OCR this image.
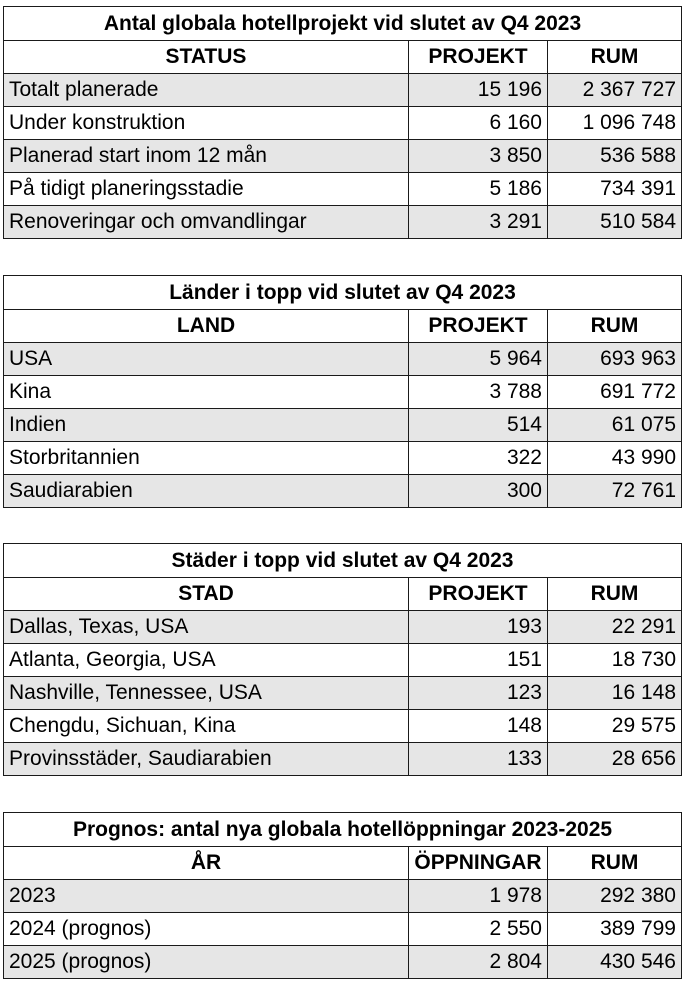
Antal globala hotellprojekt vid slutet av Q4 2023		
STATUS	PROJEKT	RUM
Totalt planerade	15 196	2 367 727
Under konstruktion	6 160	1 096 748
Planerad start inom 12 mån	3 850	536 588
På tidigt planeringsstadie	5 186	734 391
Renoveringar och omvandlingar	3 291	510 584
Länder i topp vid slutet av Q4 2023		
LAND	PROJEKT	RUM
USA	5 964	693 963
Kina	3 788	691 772
Indien	514	61 075
Storbritannien	322	43 990
Saudiarabien	300	72 761
Städer i topp vid slutet av Q4 2023		
STAD	PROJEKT	RUM
Dallas, Texas, USA	193	22 291
Atlanta, Georgia, USA	151	18 730
Nashville, Tennessee, USA	123	16 148
Chengdu, Sichuan, Kina	148	29 575
Provinsstäder, Saudiarabien	133	28 656
Prognos: antal nya globala hotellöppningar 2023-2025		
ÅR	ÖPPNINGAR	RUM
2023	1 978	292 380
2024 (prognos)	2 550	389 799
2025 (prognos)	2 804	430 546
